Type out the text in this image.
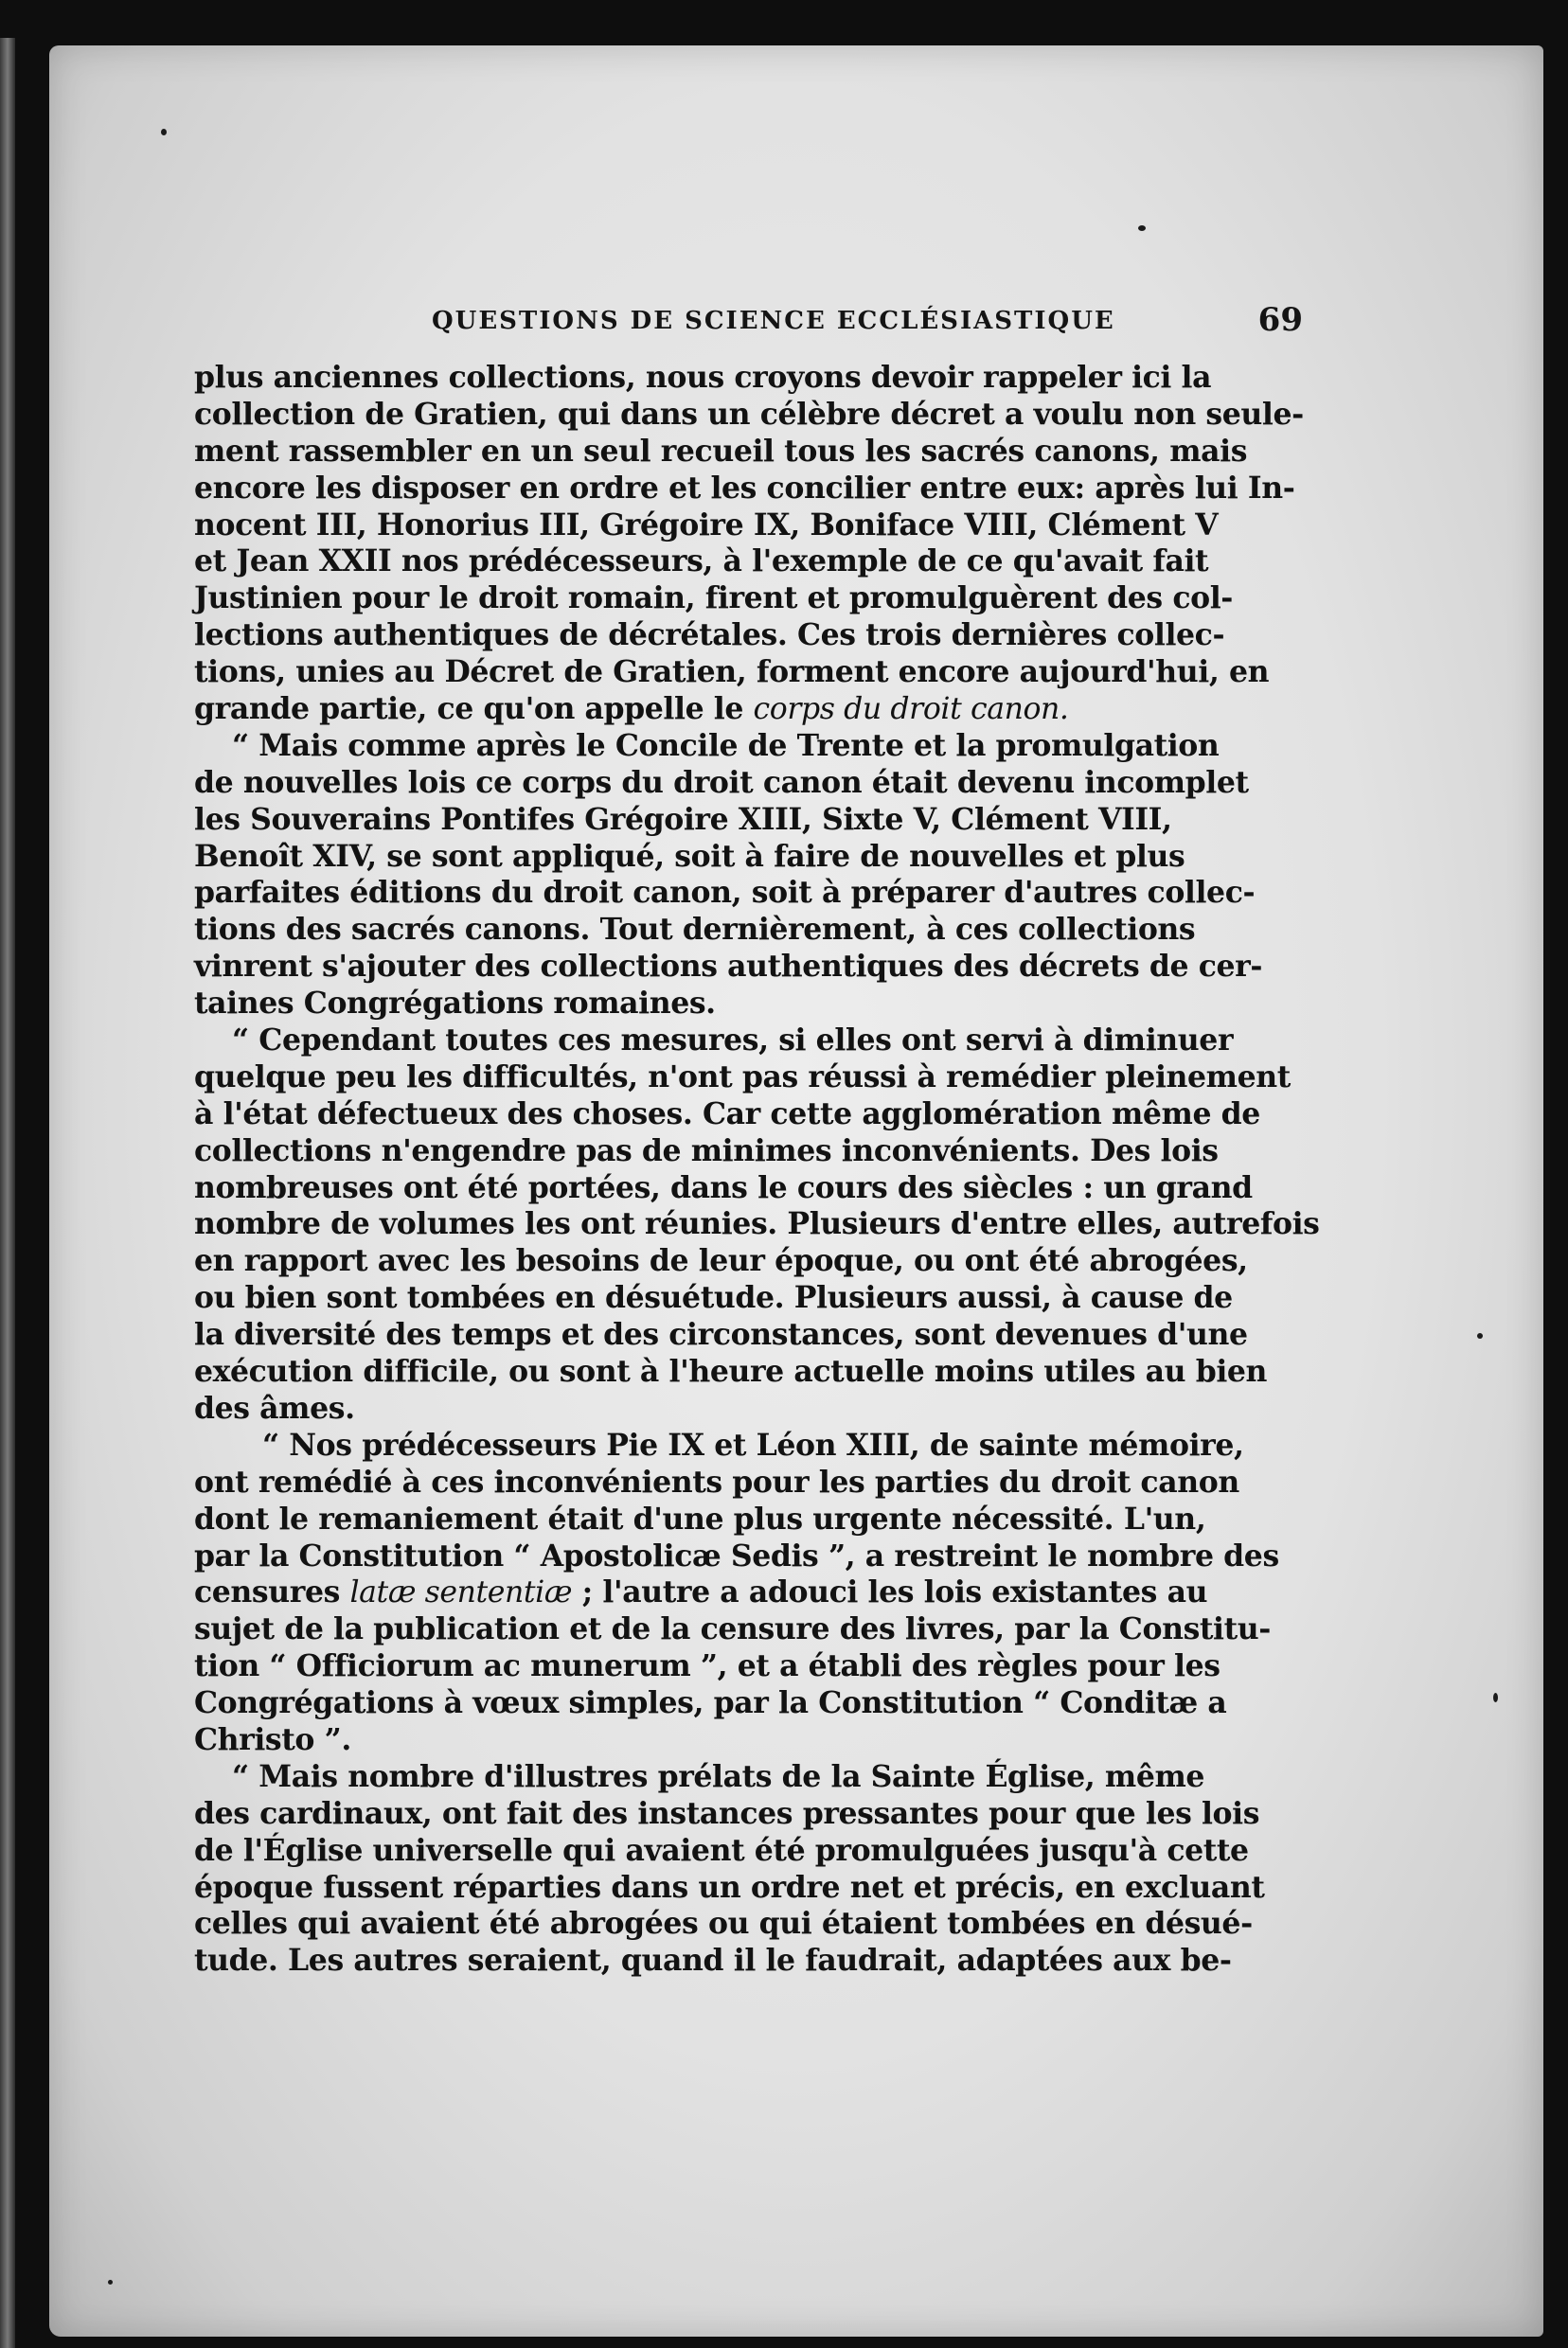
QUESTIONS DE SCIENCE ECCLÉSIASTIQUE	69
plus anciennes collections, nous croyons devoir rappeler ici la
collection de Gratien, qui dans un célèbre décret a voulu non seule-
ment rassembler en un seul recueil tous les sacrés canons, mais
encore les disposer en ordre et les concilier entre eux: après lui In-
nocent III, Honorius III, Grégoire IX, Boniface VIII, Clément V
et Jean XXII nos prédécesseurs, à l'exemple de ce qu'avait fait
Justinien pour le droit romain, firent et promulguèrent des col-
lections authentiques de décrétales. Ces trois dernières collec-
tions, unies au Décret de Gratien, forment encore aujourd'hui, en
grande partie, ce qu'on appelle le corps du droit canon.
“ Mais comme après le Concile de Trente et la promulgation
de nouvelles lois ce corps du droit canon était devenu incomplet
les Souverains Pontifes Grégoire XIII, Sixte V, Clément VIII,
Benoît XIV, se sont appliqué, soit à faire de nouvelles et plus
parfaites éditions du droit canon, soit à préparer d'autres collec-
tions des sacrés canons. Tout dernièrement, à ces collections
vinrent s'ajouter des collections authentiques des décrets de cer-
taines Congrégations romaines.
“ Cependant toutes ces mesures, si elles ont servi à diminuer
quelque peu les difficultés, n'ont pas réussi à remédier pleinement
à l'état défectueux des choses. Car cette agglomération même de
collections n'engendre pas de minimes inconvénients. Des lois
nombreuses ont été portées, dans le cours des siècles : un grand
nombre de volumes les ont réunies. Plusieurs d'entre elles, autrefois
en rapport avec les besoins de leur époque, ou ont été abrogées,
ou bien sont tombées en désuétude. Plusieurs aussi, à cause de
la diversité des temps et des circonstances, sont devenues d'une
exécution difficile, ou sont à l'heure actuelle moins utiles au bien
des âmes.
“ Nos prédécesseurs Pie IX et Léon XIII, de sainte mémoire,
ont remédié à ces inconvénients pour les parties du droit canon
dont le remaniement était d'une plus urgente nécessité. L'un,
par la Constitution “ Apostolicæ Sedis ”, a restreint le nombre des
censures latæ sententiæ ; l'autre a adouci les lois existantes au
sujet de la publication et de la censure des livres, par la Constitu-
tion “ Officiorum ac munerum ”, et a établi des règles pour les
Congrégations à vœux simples, par la Constitution “ Conditæ a
Christo ”.
“ Mais nombre d'illustres prélats de la Sainte Église, même
des cardinaux, ont fait des instances pressantes pour que les lois
de l'Église universelle qui avaient été promulguées jusqu'à cette
époque fussent réparties dans un ordre net et précis, en excluant
celles qui avaient été abrogées ou qui étaient tombées en désué-
tude. Les autres seraient, quand il le faudrait, adaptées aux be-
